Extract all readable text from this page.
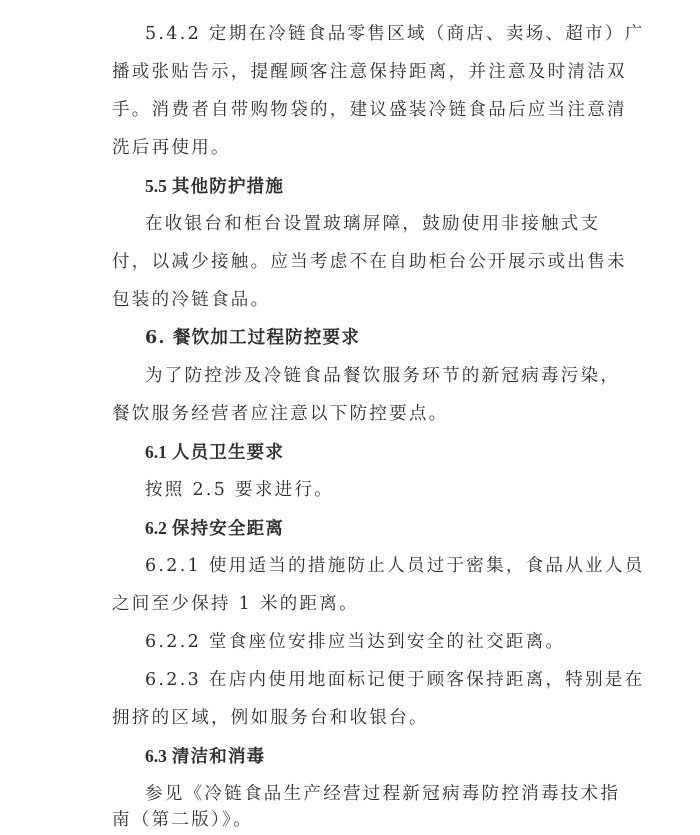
5.4.2 定期在冷链食品零售区域（商店、卖场、超市）广
播或张贴告示，提醒顾客注意保持距离，并注意及时清洁双
手。消费者自带购物袋的，建议盛装冷链食品后应当注意清
洗后再使用。
5.5 其他防护措施
在收银台和柜台设置玻璃屏障，鼓励使用非接触式支
付，以减少接触。应当考虑不在自助柜台公开展示或出售未
包装的冷链食品。
6. 餐饮加工过程防控要求
为了防控涉及冷链食品餐饮服务环节的新冠病毒污染，
餐饮服务经营者应注意以下防控要点。
6.1 人员卫生要求
按照 2.5 要求进行。
6.2 保持安全距离
6.2.1 使用适当的措施防止人员过于密集，食品从业人员
之间至少保持 1 米的距离。
6.2.2 堂食座位安排应当达到安全的社交距离。
6.2.3 在店内使用地面标记便于顾客保持距离，特别是在
拥挤的区域，例如服务台和收银台。
6.3 清洁和消毒
参见《冷链食品生产经营过程新冠病毒防控消毒技术指
南（第二版）》。
